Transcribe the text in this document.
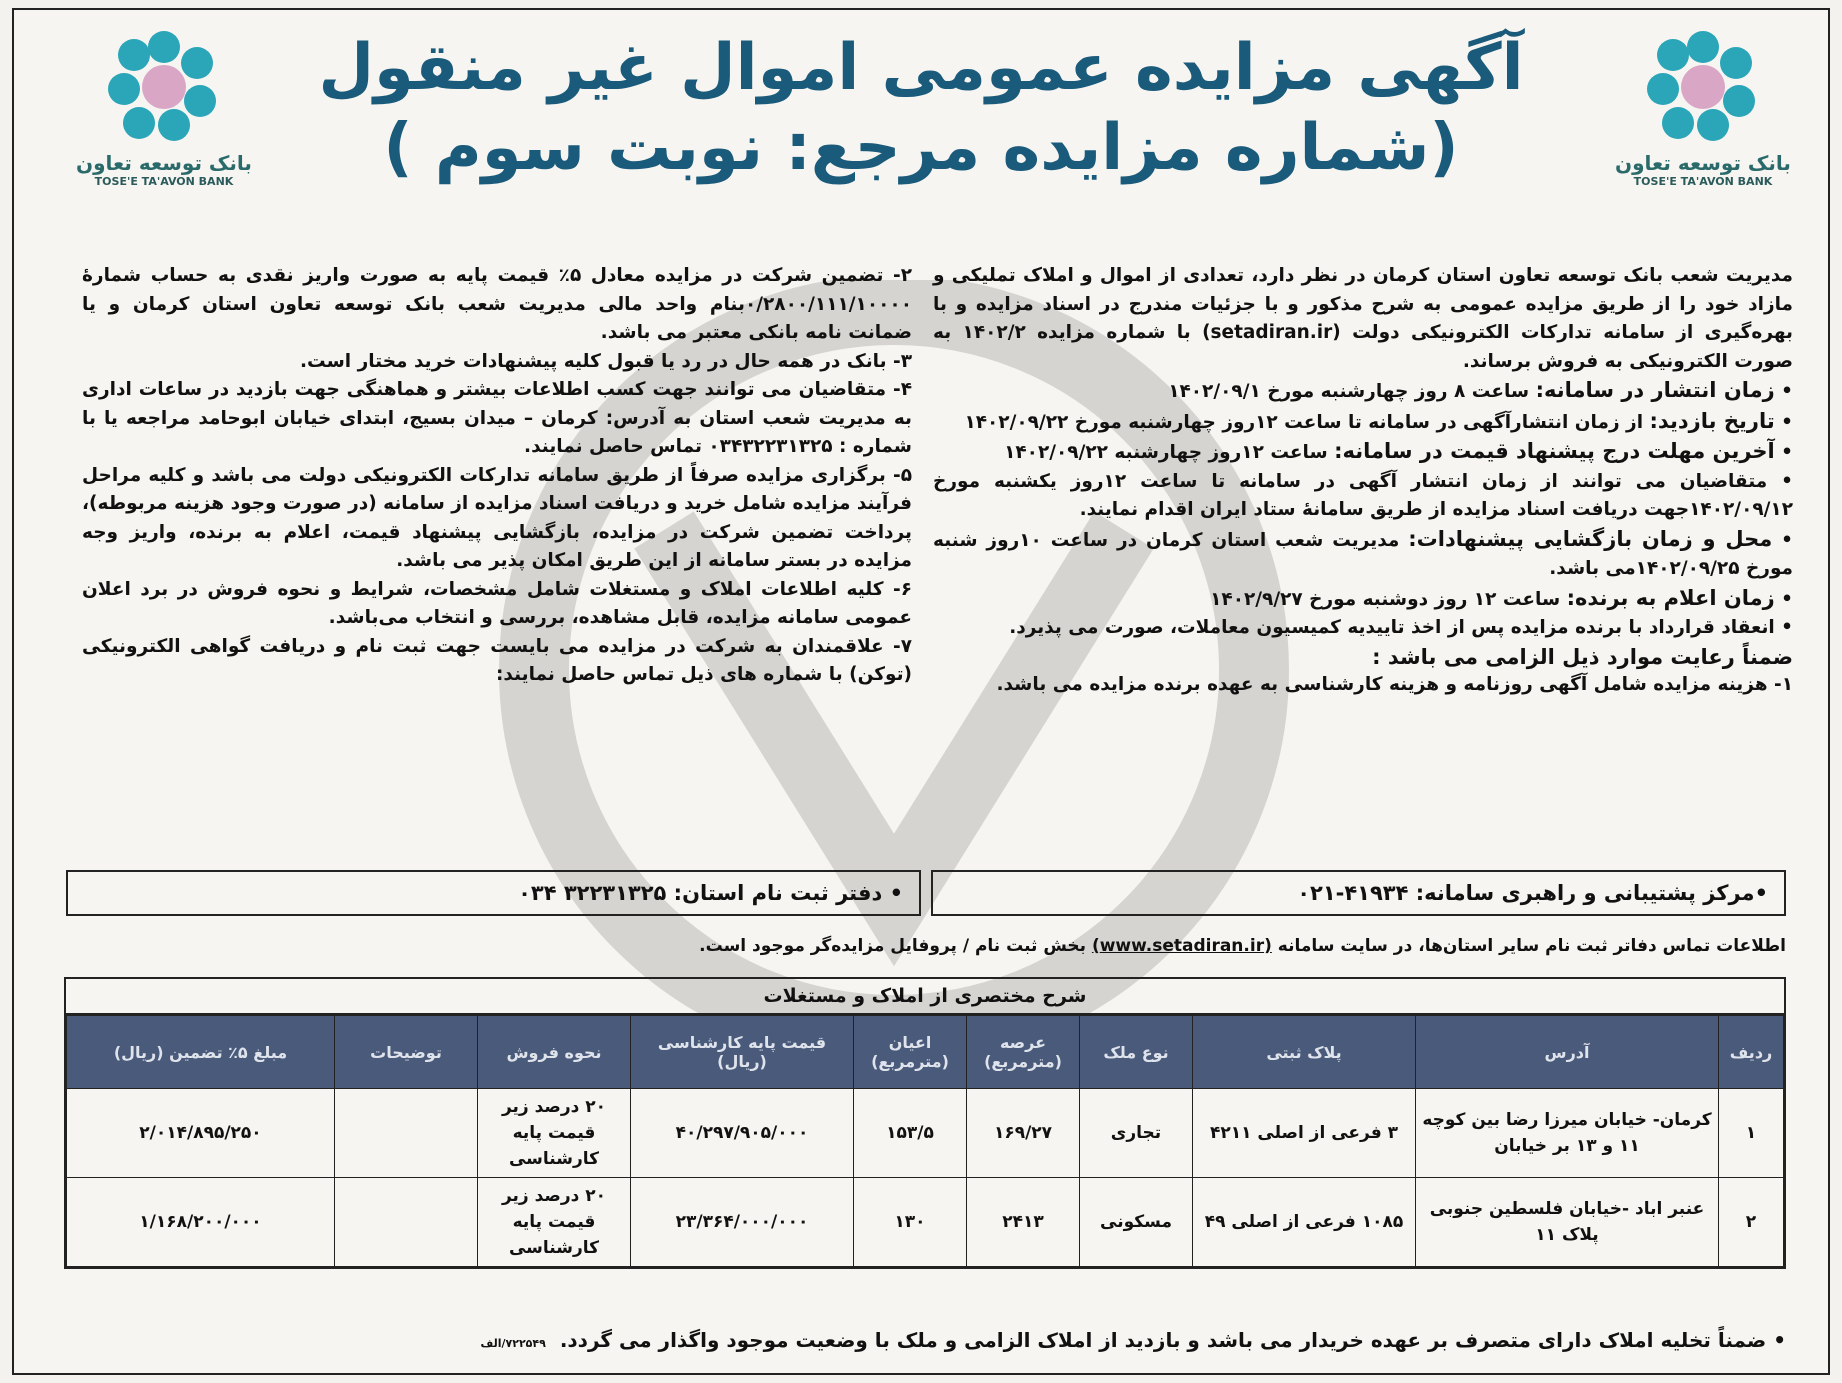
بانک توسعه تعاون
TOSE'E TA'AVON BANK
بانک توسعه تعاون
TOSE'E TA'AVON BANK
آگهی مزایده عمومی اموال غیر منقول
(شماره مزایده مرجع: نوبت سوم )

مدیریت شعب بانک توسعه تعاون استان کرمان در نظر دارد، تعدادی از اموال و املاک تملیکی و مازاد خود را از طریق مزایده عمومی به شرح مذکور و با جزئیات مندرج در اسناد مزایده و با بهره‌گیری از سامانه تدارکات الکترونیکی دولت (setadiran.ir) با شماره مزایده ۱۴۰۲/۲ به صورت الکترونیکی به فروش برساند.

• زمان انتشار در سامانه: ساعت ۸ روز چهارشنبه مورخ ۱۴۰۲/۰۹/۱

• تاریخ بازدید: از زمان انتشارآگهی در سامانه تا ساعت ۱۲روز چهارشنبه مورخ ۱۴۰۲/۰۹/۲۲

• آخرین مهلت درج پیشنهاد قیمت در سامانه: ساعت ۱۲روز چهارشنبه ۱۴۰۲/۰۹/۲۲

• متقاضیان می توانند از زمان انتشار آگهی در سامانه تا ساعت ۱۲روز یکشنبه مورخ ۱۴۰۲/۰۹/۱۲جهت دریافت اسناد مزایده از طریق سامانهٔ ستاد ایران اقدام نمایند.

• محل و زمان بازگشایی پیشنهادات: مدیریت شعب استان کرمان در ساعت ۱۰روز شنبه مورخ ۱۴۰۲/۰۹/۲۵می باشد.

• زمان اعلام به برنده: ساعت ۱۲ روز دوشنبه مورخ ۱۴۰۲/۹/۲۷

• انعقاد قرارداد با برنده مزایده پس از اخذ تاییدیه کمیسیون معاملات، صورت می پذیرد.

ضمناً رعایت موارد ذیل الزامی می باشد :

۱- هزینه مزایده شامل آگهی روزنامه و هزینه کارشناسی به عهده برنده مزایده می باشد.

۲- تضمین شرکت در مزایده معادل ۵٪ قیمت پایه به صورت واریز نقدی به حساب شمارهٔ ۰/۲۸۰۰/۱۱۱/۱۰۰۰۰بنام واحد مالی مدیریت شعب بانک توسعه تعاون استان کرمان و یا ضمانت نامه بانکی معتبر می باشد.

۳- بانک در همه حال در رد یا قبول کلیه پیشنهادات خرید مختار است.

۴- متقاضیان می توانند جهت کسب اطلاعات بیشتر و هماهنگی جهت بازدید در ساعات اداری به مدیریت شعب استان به آدرس: کرمان – میدان بسیج، ابتدای خیابان ابوحامد مراجعه یا با شماره : ۰۳۴۳۲۲۳۱۳۲۵ تماس حاصل نمایند.

۵- برگزاری مزایده صرفاً از طریق سامانه تدارکات الکترونیکی دولت می باشد و کلیه مراحل فرآیند مزایده شامل خرید و دریافت اسناد مزایده از سامانه (در صورت وجود هزینه مربوطه)، پرداخت تضمین شرکت در مزایده، بازگشایی پیشنهاد قیمت، اعلام به برنده، واریز وجه مزایده در بستر سامانه از این طریق امکان پذیر می باشد.

۶- کلیه اطلاعات املاک و مستغلات شامل مشخصات، شرایط و نحوه فروش در برد اعلان عمومی سامانه مزایده، قابل مشاهده، بررسی و انتخاب می‌باشد.

۷- علاقمندان به شرکت در مزایده می بایست جهت ثبت نام و دریافت گواهی الکترونیکی (توکن) با شماره های ذیل تماس حاصل نمایند:

•مرکز پشتیبانی و راهبری سامانه: ۴۱۹۳۴-۰۲۱
• دفتر ثبت نام استان: ۳۲۲۳۱۳۲۵ ۰۳۴
اطلاعات تماس دفاتر ثبت نام سایر استان‌ها، در سایت سامانه (www.setadiran.ir) بخش ثبت نام / پروفایل مزایده‌گر موجود است.
شرح مختصری از املاک و مستغلات
ردیف	آدرس	پلاک ثبتی	نوع ملک	عرصه (مترمربع)	اعیان (مترمربع)	قیمت پایه کارشناسی (ریال)	نحوه فروش	توضیحات	مبلغ ۵٪ تضمین (ریال)
۱	کرمان- خیابان میرزا رضا بین کوچه ۱۱ و ۱۳ بر خیابان	۳ فرعی از اصلی ۴۲۱۱	تجاری	۱۶۹/۲۷	۱۵۳/۵	۴۰/۲۹۷/۹۰۵/۰۰۰	۲۰ درصد زیر قیمت پایه کارشناسی		۲/۰۱۴/۸۹۵/۲۵۰
۲	عنبر اباد -خیابان فلسطین جنوبی پلاک ۱۱	۱۰۸۵ فرعی از اصلی ۴۹	مسکونی	۲۴۱۳	۱۳۰	۲۳/۳۶۴/۰۰۰/۰۰۰	۲۰ درصد زیر قیمت پایه کارشناسی		۱/۱۶۸/۲۰۰/۰۰۰
• ضمناً تخلیه املاک دارای متصرف بر عهده خریدار می باشد و بازدید از املاک الزامی و ملک با وضعیت موجود واگذار می گردد.۷۲۲۵۴۹/الف
